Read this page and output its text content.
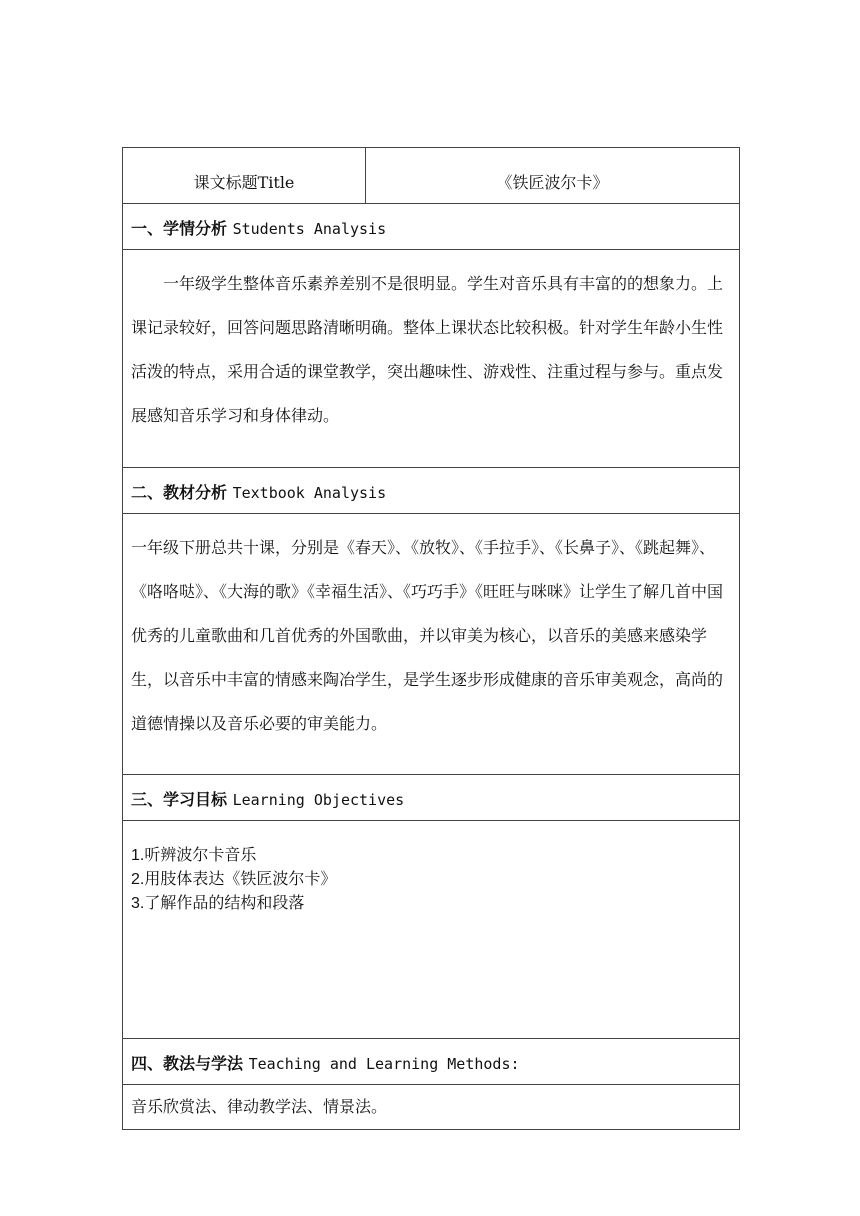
课文标题Title	《铁匠波尔卡》
一、学情分析 Students Analysis

一年级学生整体音乐素养差别不是很明显。学生对音乐具有丰富的的想象力。上课记录较好，回答问题思路清晰明确。整体上课状态比较积极。针对学生年龄小生性活泼的特点，采用合适的课堂教学，突出趣味性、游戏性、注重过程与参与。重点发展感知音乐学习和身体律动。

二、教材分析 Textbook Analysis

一年级下册总共十课，分别是《春天》、《放牧》、《手拉手》、《长鼻子》、《跳起舞》、《咯咯哒》、《大海的歌》《幸福生活》、《巧巧手》《旺旺与咪咪》让学生了解几首中国优秀的儿童歌曲和几首优秀的外国歌曲，并以审美为核心，以音乐的美感来感染学生，以音乐中丰富的情感来陶冶学生，是学生逐步形成健康的音乐审美观念，高尚的道德情操以及音乐必要的审美能力。

三、学习目标 Learning Objectives

1.听辨波尔卡音乐
2.用肢体表达《铁匠波尔卡》
3.了解作品的结构和段落

四、教法与学法 Teaching and Learning Methods:

音乐欣赏法、律动教学法、情景法。
